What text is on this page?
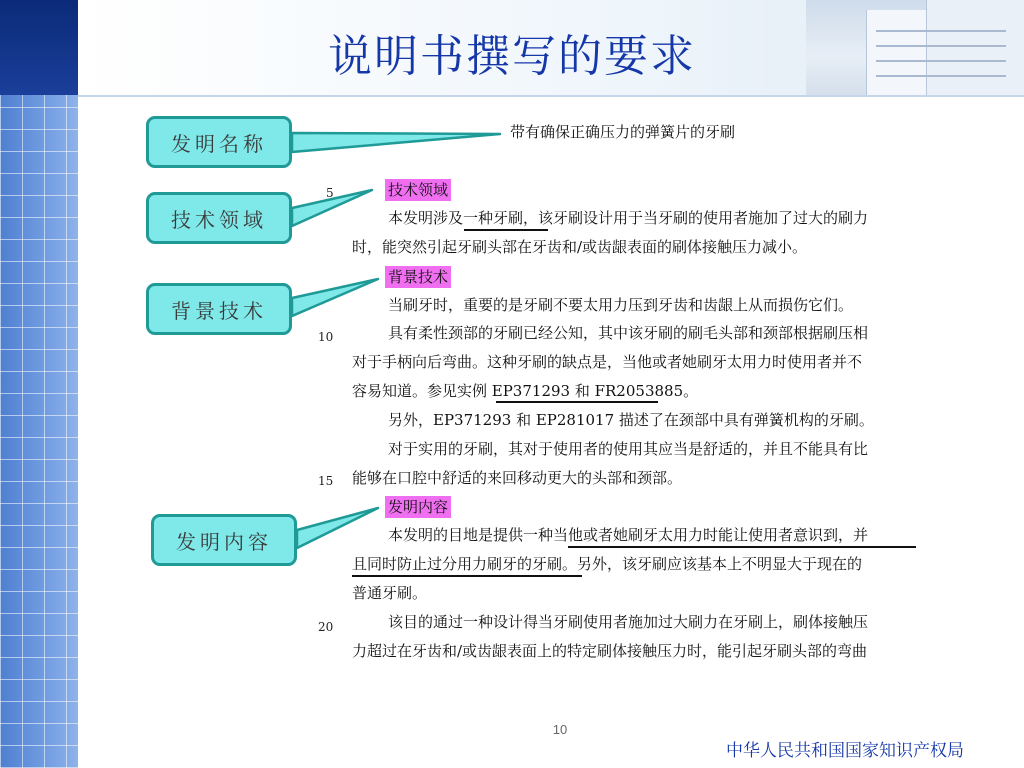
说明书撰写的要求
发明名称
技术领域
背景技术
发明内容
带有确保正确压力的弹簧片的牙刷
5
10
15
20
技术领域
本发明涉及一种牙刷，该牙刷设计用于当牙刷的使用者施加了过大的刷力
时，能突然引起牙刷头部在牙齿和/或齿龈表面的刷体接触压力减小。
背景技术
当刷牙时，重要的是牙刷不要太用力压到牙齿和齿龈上从而损伤它们。
具有柔性颈部的牙刷已经公知，其中该牙刷的刷毛头部和颈部根据刷压相
对于手柄向后弯曲。这种牙刷的缺点是，当他或者她刷牙太用力时使用者并不
容易知道。参见实例 EP371293 和 FR2053885。
另外，EP371293 和 EP281017 描述了在颈部中具有弹簧机构的牙刷。
对于实用的牙刷，其对于使用者的使用其应当是舒适的，并且不能具有比
能够在口腔中舒适的来回移动更大的头部和颈部。
发明内容
本发明的目地是提供一种当他或者她刷牙太用力时能让使用者意识到，并
且同时防止过分用力刷牙的牙刷。另外，该牙刷应该基本上不明显大于现在的
普通牙刷。
该目的通过一种设计得当牙刷使用者施加过大刷力在牙刷上，刷体接触压
力超过在牙齿和/或齿龈表面上的特定刷体接触压力时，能引起牙刷头部的弯曲
10
中华人民共和国国家知识产权局
